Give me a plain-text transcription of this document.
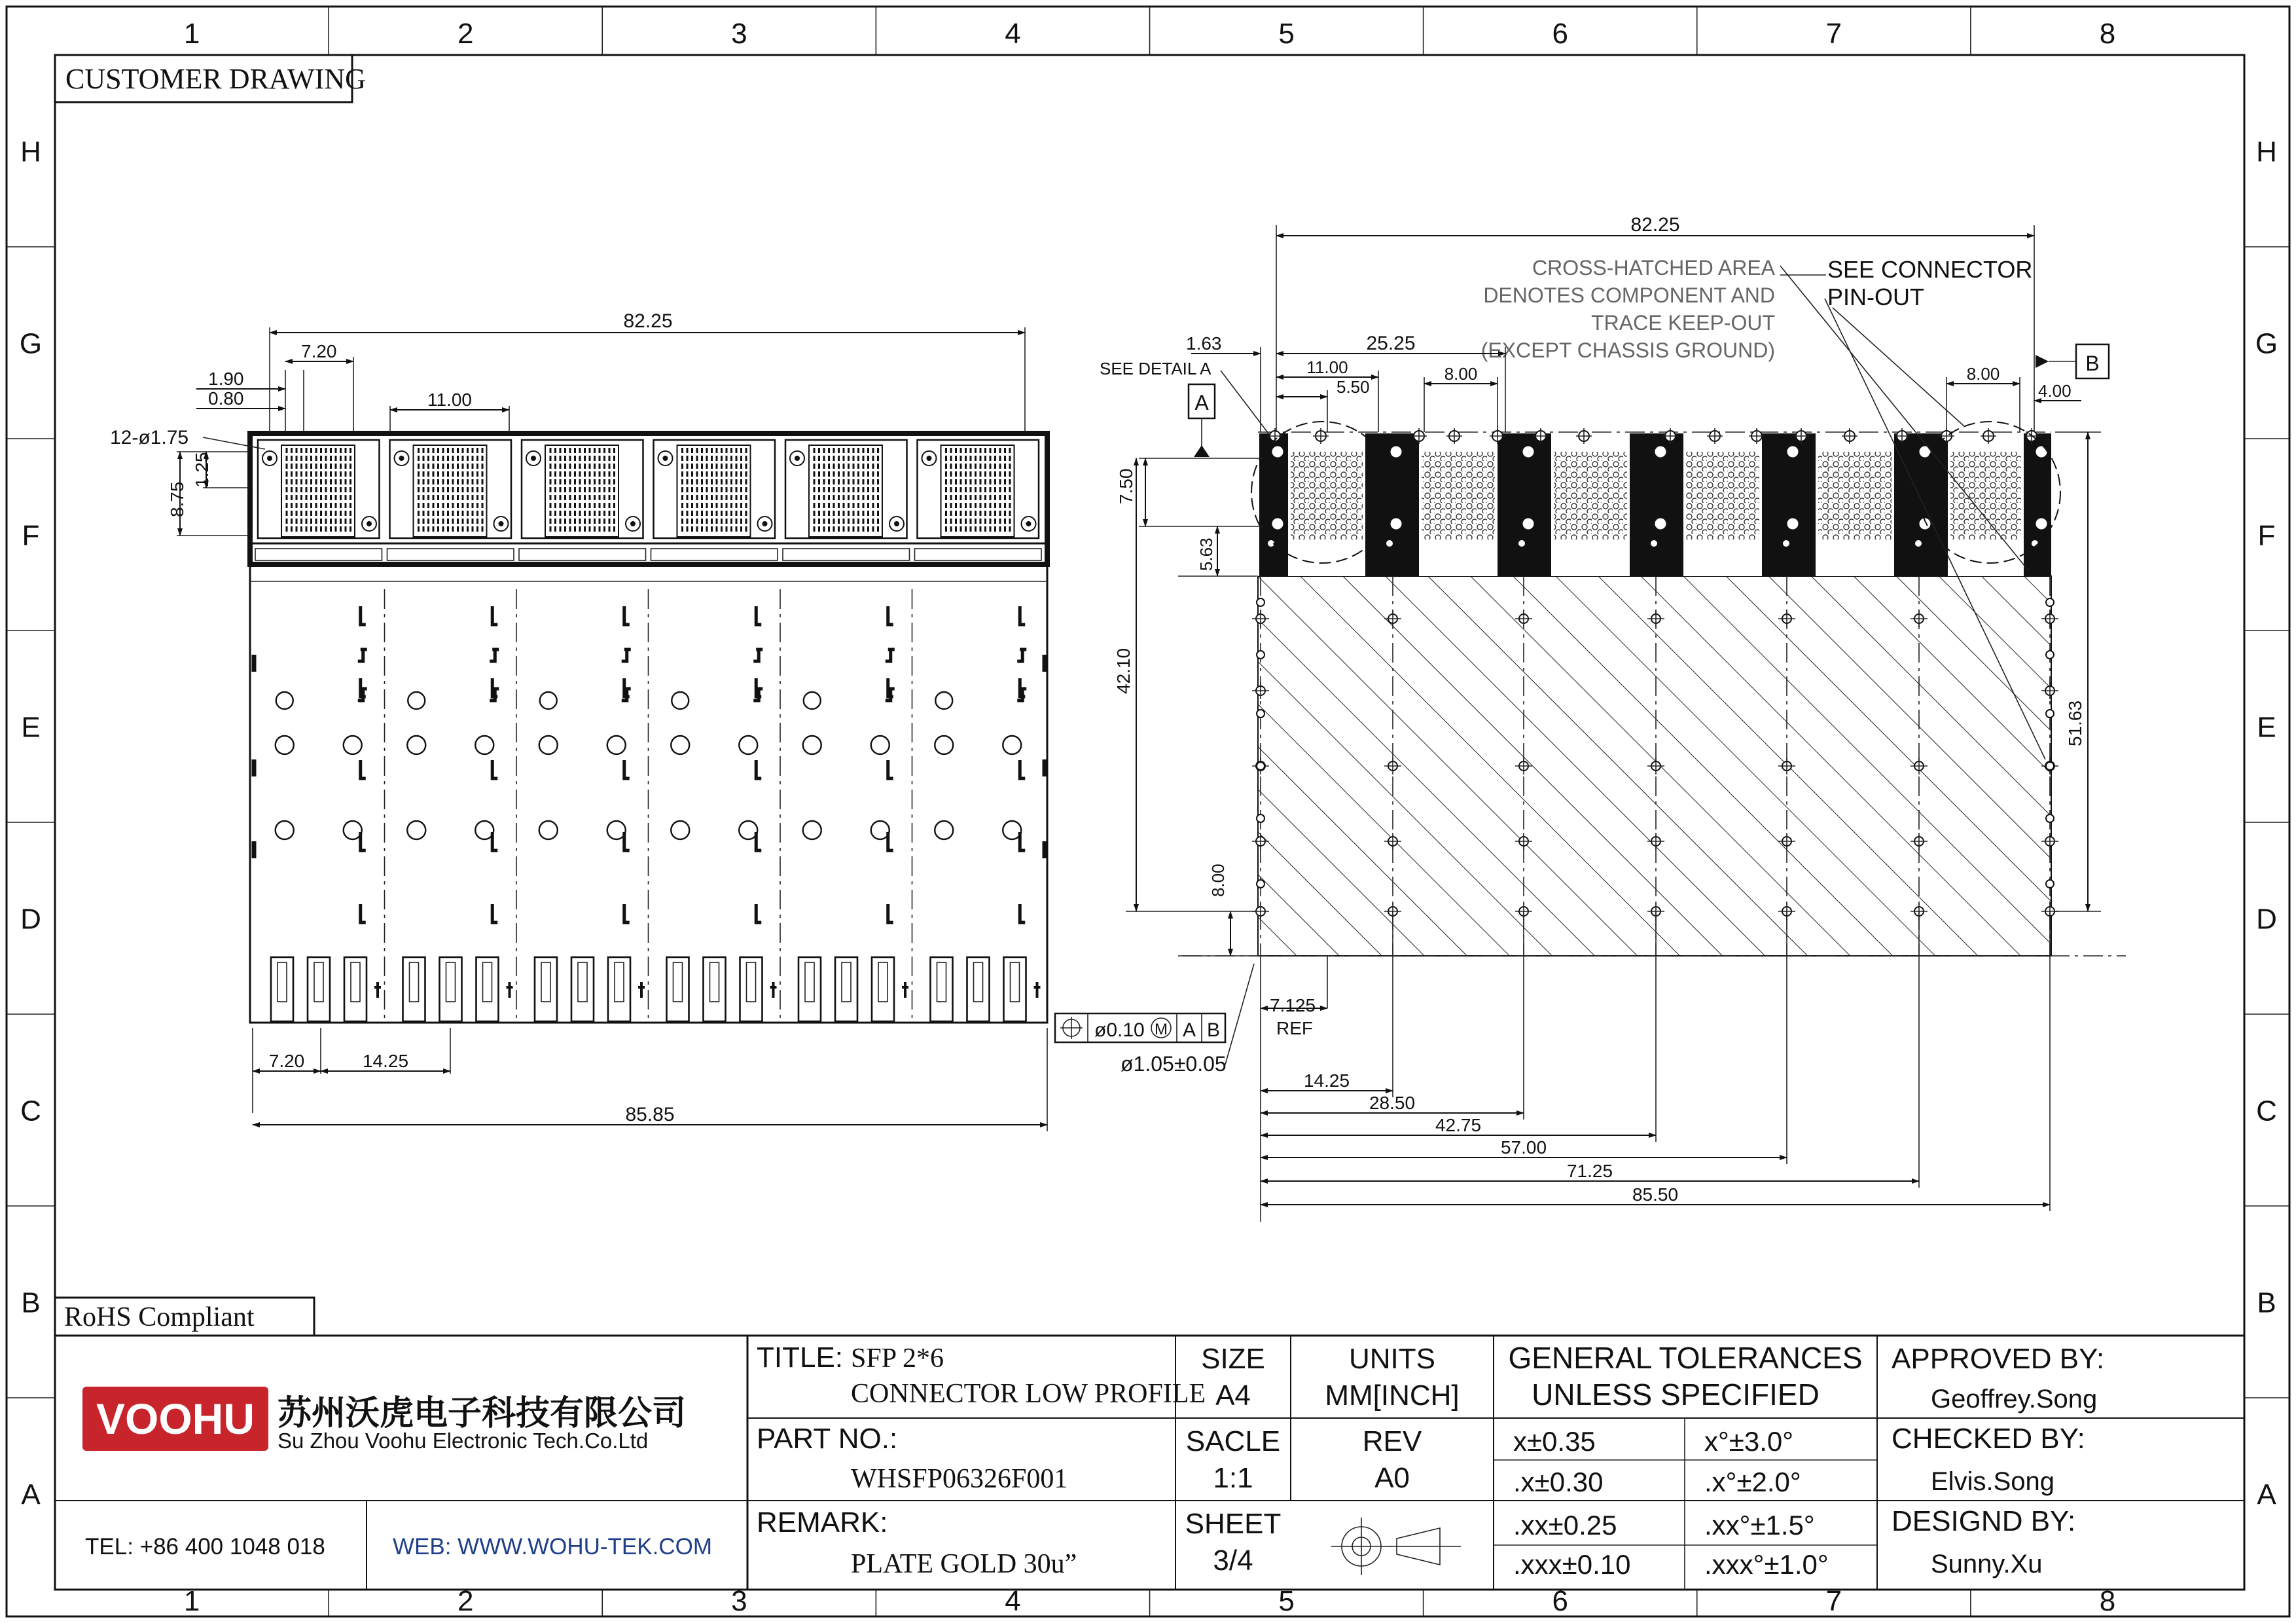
CUSTOMER DRAWING
RoHS Compliant
82.25
1.90
0.80
7.20
11.00
12-ø1.75
8.75
1.25
7.20	14.25
85.85
SEE DETAIL A
A
B
CROSS-HATCHED AREA
DENOTES COMPONENT AND
TRACE KEEP-OUT
(EXCEPT CHASSIS GROUND)
SEE CONNECTOR
PIN-OUT
82.25
1.63	25.25
11.00
5.50
8.00	8.00
4.00
7.50
5.63
42.10
8.00
51.63
7.125
REF
14.25
28.50
42.75
57.00
71.25
85.50
ø0.10 M A B
ø1.05±0.05
VOOHU 苏州沃虎电子科技有限公司
Su Zhou Voohu Electronic Tech.Co.Ltd
TEL: +86 400 1048 018	WEB: WWW.WOHU-TEK.COM
TITLE: SFP 2*6
CONNECTOR LOW PROFILE
PART NO.:
WHSFP06326F001
REMARK:
PLATE GOLD 30u”
SIZE
A4
UNITS
MM[INCH]
SACLE
1:1
REV
A0
SHEET
3/4
GENERAL TOLERANCES
UNLESS SPECIFIED
x±0.35	x°±3.0°
.x±0.30	.x°±2.0°
.xx±0.25	.xx°±1.5°
.xxx±0.10	.xxx°±1.0°
APPROVED BY:
Geoffrey.Song
CHECKED BY:
Elvis.Song
DESIGND BY:
Sunny.Xu
1
1
2
2
3
3
4
4
5
5
6
6
7
7
8
8
H	H
G	G
F	F
E	E
D	D
C	C
B	B
A	A
